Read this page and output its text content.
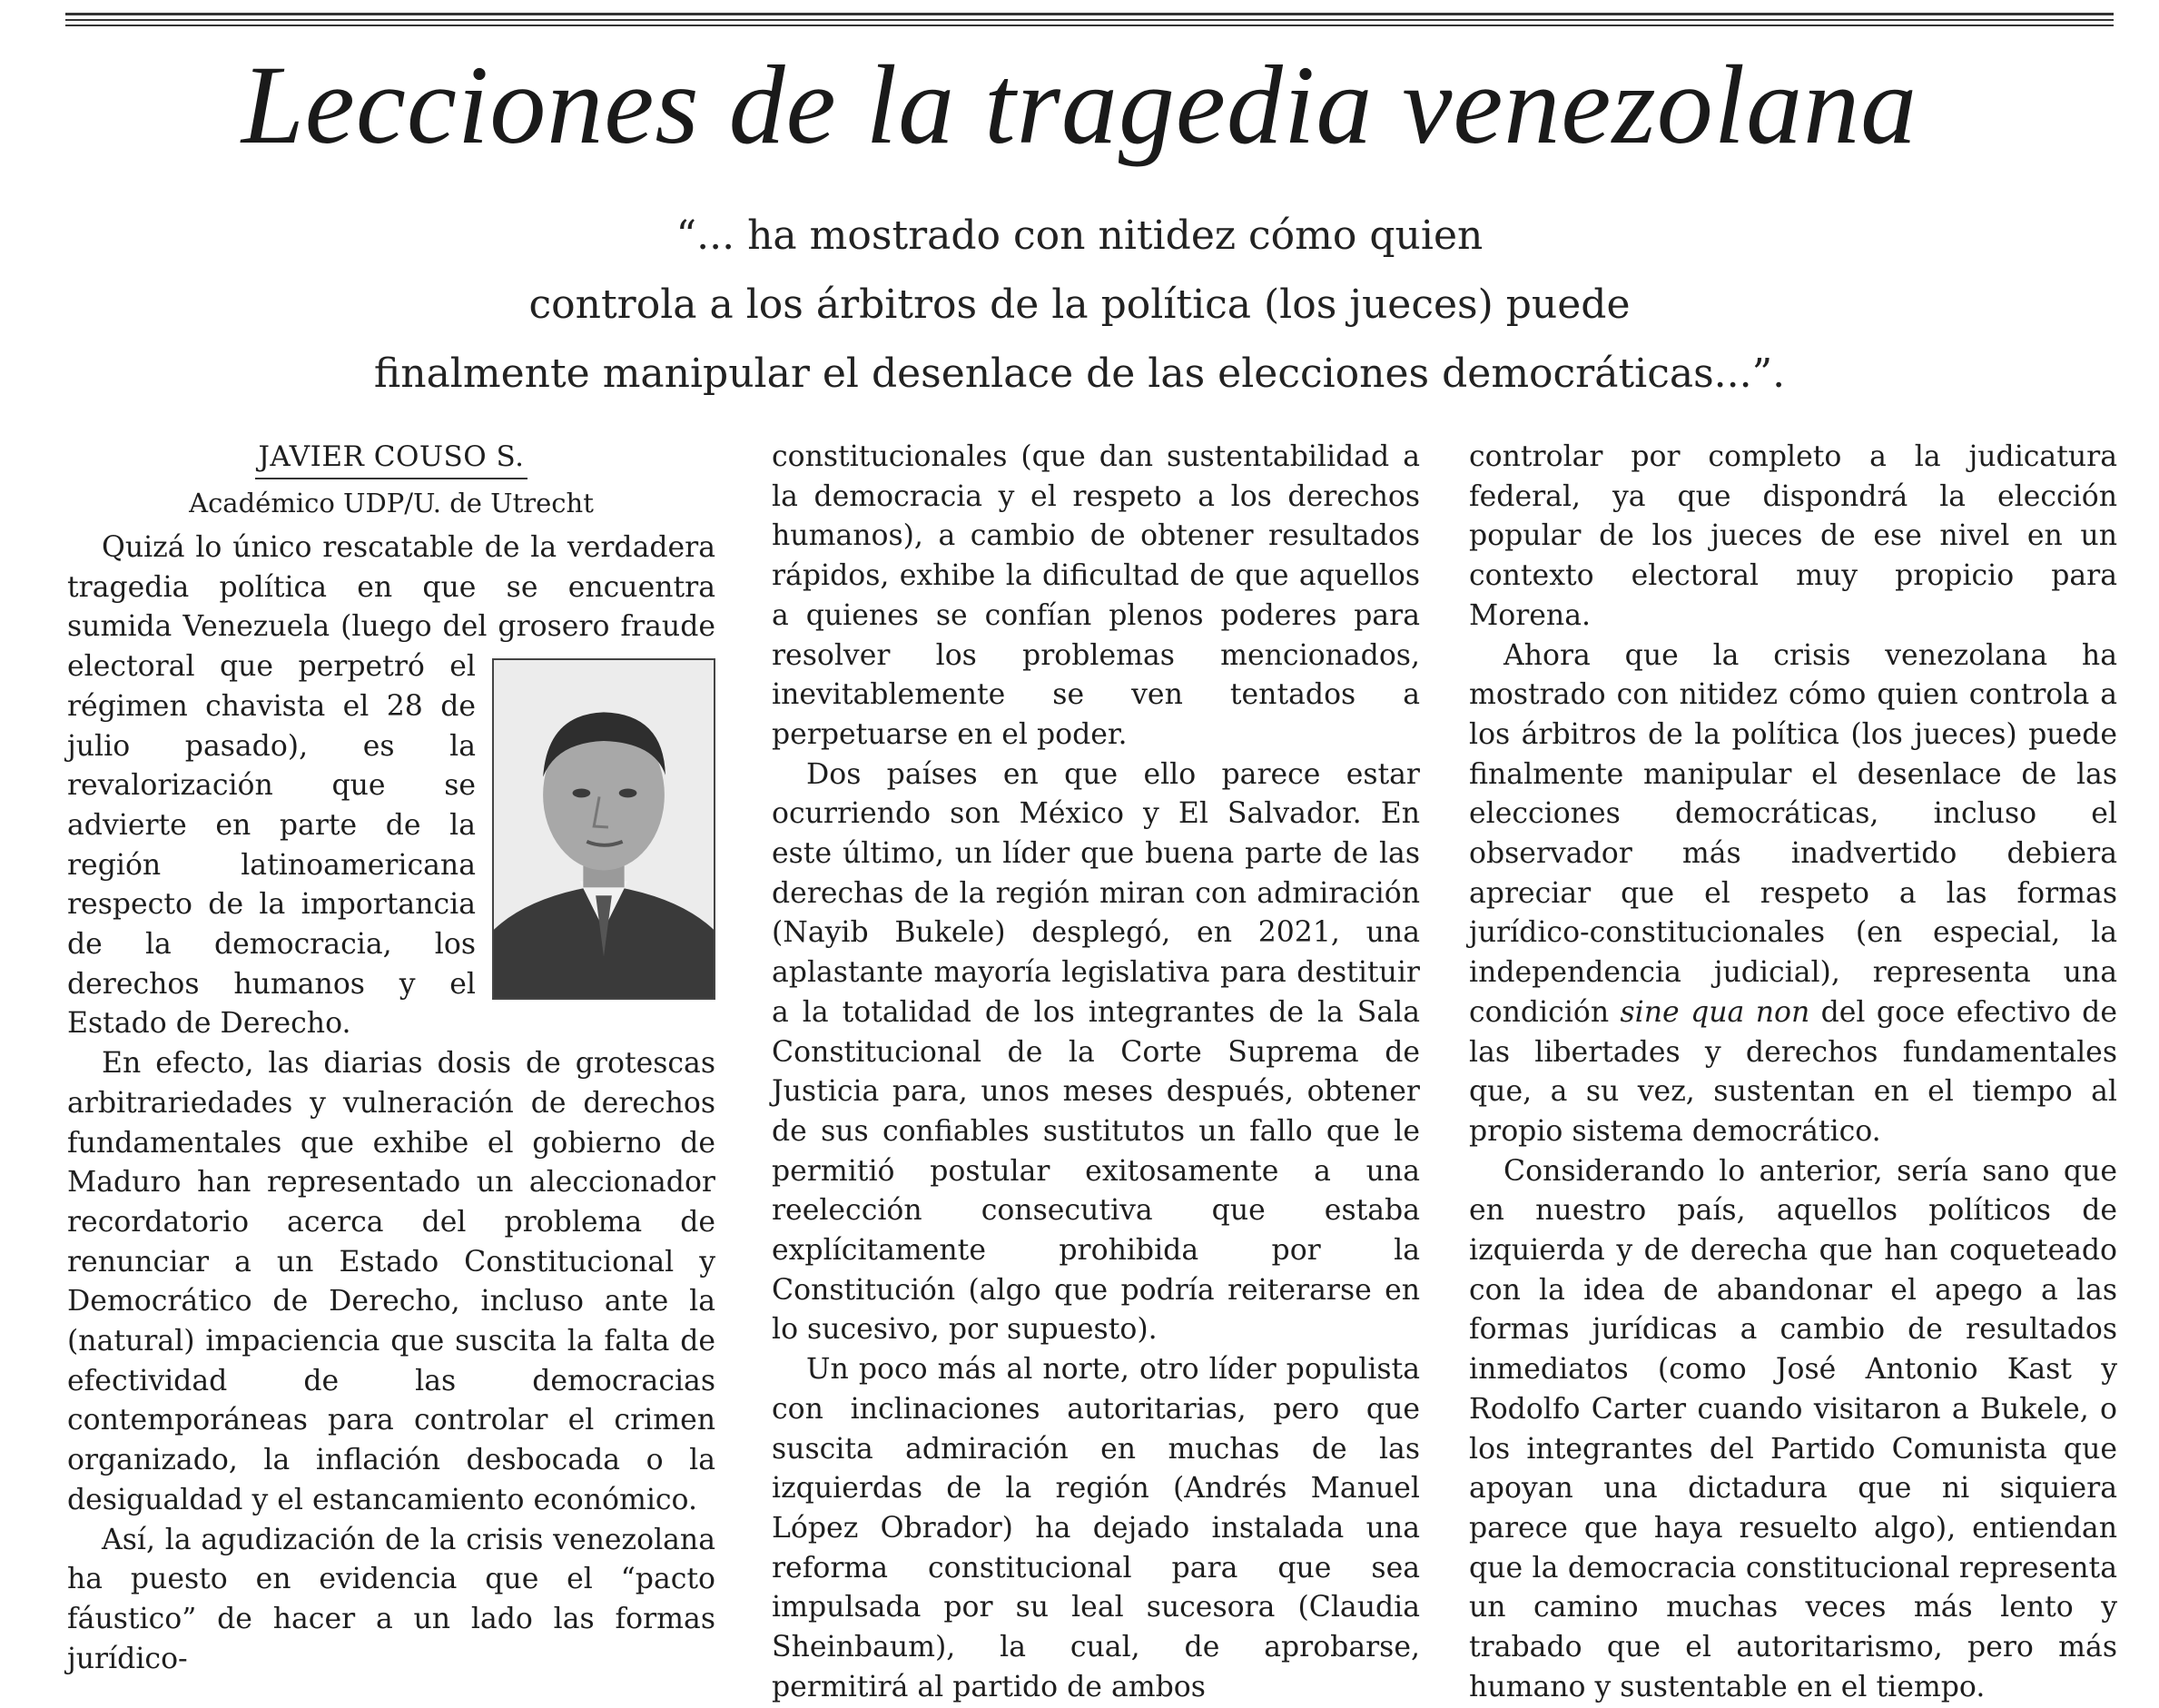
Lecciones de la tragedia venezolana
“... ha mostrado con nitidez cómo quien
controla a los árbitros de la política (los jueces) puede
finalmente manipular el desenlace de las elecciones democráticas...”.
JAVIER COUSO S.
Académico UDP/U. de Utrecht

Quizá lo único rescatable de la verdadera tragedia política en que se encuentra sumida Venezuela (luego del grosero fraude electoral que perpetró el
régimen chavista el 28 de julio pasado), es la revalorización que se advierte en parte de la región latinoamericana respecto de la importancia de la democracia, los derechos humanos y el Estado de Derecho.

En efecto, las diarias dosis de grotescas arbitrariedades y vulneración de derechos fundamentales que exhibe el gobierno de Maduro han representado un aleccionador recordatorio acerca del problema de renunciar a un Estado Constitucional y Democrático de Derecho, incluso ante la (natural) impaciencia que suscita la falta de efectividad de las democracias contemporáneas para controlar el crimen organizado, la inflación desbocada o la desigualdad y el estancamiento económico.

Así, la agudización de la crisis venezolana ha puesto en evidencia que el “pacto fáustico” de hacer a un lado las formas jurídico-

constitucionales (que dan sustentabilidad a la democracia y el respeto a los derechos humanos), a cambio de obtener resultados rápidos, exhibe la dificultad de que aquellos a quienes se confían plenos poderes para resolver los problemas mencionados, inevitablemente se ven tentados a perpetuarse en el poder.

Dos países en que ello parece estar ocurriendo son México y El Salvador. En este último, un líder que buena parte de las derechas de la región miran con admiración (Nayib Bukele) desplegó, en 2021, una aplastante mayoría legislativa para destituir a la totalidad de los integrantes de la Sala Constitucional de la Corte Suprema de Justicia para, unos meses después, obtener de sus confiables sustitutos un fallo que le permitió postular exitosamente a una reelección consecutiva que estaba explícitamente prohibida por la Constitución (algo que podría reiterarse en lo sucesivo, por supuesto).

Un poco más al norte, otro líder populista con inclinaciones autoritarias, pero que suscita admiración en muchas de las izquierdas de la región (Andrés Manuel López Obrador) ha dejado instalada una reforma constitucional para que sea impulsada por su leal sucesora (Claudia Sheinbaum), la cual, de aprobarse, permitirá al partido de ambos

controlar por completo a la judicatura federal, ya que dispondrá la elección popular de los jueces de ese nivel en un contexto electoral muy propicio para Morena.

Ahora que la crisis venezolana ha mostrado con nitidez cómo quien controla a los árbitros de la política (los jueces) puede finalmente manipular el desenlace de las elecciones democráticas, incluso el observador más inadvertido debiera apreciar que el respeto a las formas jurídico-constitucionales (en especial, la independencia judicial), representa una condición sine qua non del goce efectivo de las libertades y derechos fundamentales que, a su vez, sustentan en el tiempo al propio sistema democrático.

Considerando lo anterior, sería sano que en nuestro país, aquellos políticos de izquierda y de derecha que han coqueteado con la idea de abandonar el apego a las formas jurídicas a cambio de resultados inmediatos (como José Antonio Kast y Rodolfo Carter cuando visitaron a Bukele, o los integrantes del Partido Comunista que apoyan una dictadura que ni siquiera parece que haya resuelto algo), entiendan que la democracia constitucional representa un camino muchas veces más lento y trabado que el autoritarismo, pero más humano y sustentable en el tiempo.
